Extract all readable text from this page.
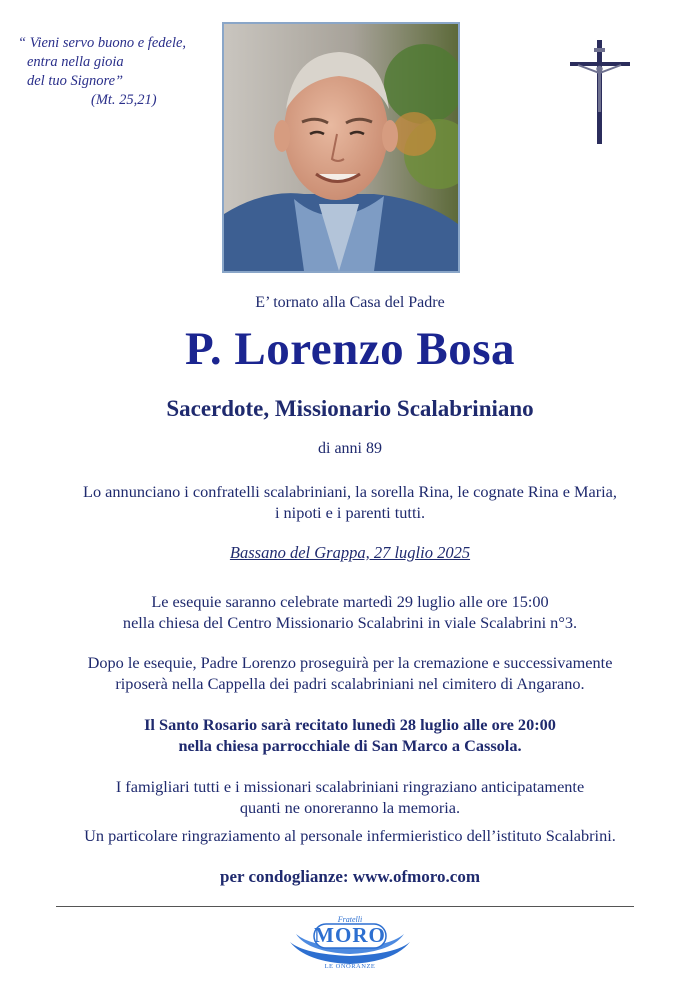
“ Vieni servo buono e fedele,
entra nella gioia
del tuo Signore”
(Mt. 25,21)
E’ tornato alla Casa del Padre
P. Lorenzo Bosa
Sacerdote, Missionario Scalabriniano
di anni 89
Lo annunciano i confratelli scalabriniani, la sorella Rina, le cognate Rina e Maria,
i nipoti e i parenti tutti.
Bassano del Grappa, 27 luglio 2025
Le esequie saranno celebrate martedì 29 luglio alle ore 15:00
nella chiesa del Centro Missionario Scalabrini in viale Scalabrini n°3.
Dopo le esequie, Padre Lorenzo proseguirà per la cremazione e successivamente
riposerà nella Cappella dei padri scalabriniani nel cimitero di Angarano.
Il Santo Rosario sarà recitato lunedì 28 luglio alle ore 20:00
nella chiesa parrocchiale di San Marco a Cassola.
I famigliari tutti e i missionari scalabriniani ringraziano anticipatamente
quanti ne onoreranno la memoria.
Un particolare ringraziamento al personale infermieristico dell’istituto Scalabrini.
per condoglianze: www.ofmoro.com
Fratelli
MORO
LE ONORANZE
